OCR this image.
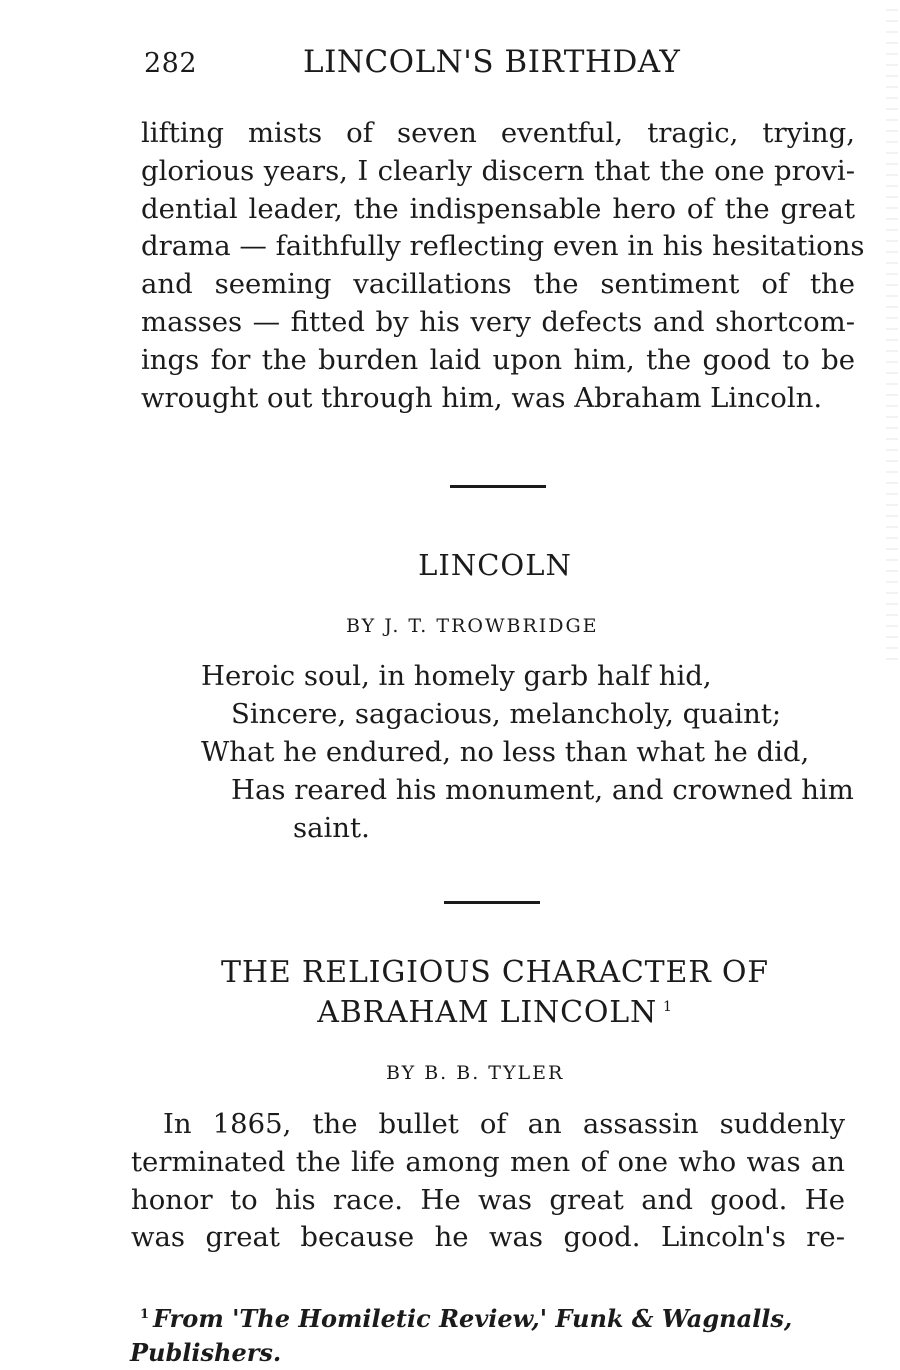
282	LINCOLN'S BIRTHDAY
lifting mists of seven eventful, tragic, trying,
glorious years, I clearly discern that the one provi-
dential leader, the indispensable hero of the great
drama — faithfully reflecting even in his hesitations
and seeming vacillations the sentiment of the
masses — fitted by his very defects and shortcom-
ings for the burden laid upon him, the good to be
wrought out through him, was Abraham Lincoln.
LINCOLN
BY J. T. TROWBRIDGE
Heroic soul, in homely garb half hid,
Sincere, sagacious, melancholy, quaint;
What he endured, no less than what he did,
Has reared his monument, and crowned him
saint.
THE RELIGIOUS CHARACTER OF
ABRAHAM LINCOLN $^1$
BY B. B. TYLER
In 1865, the bullet of an assassin suddenly
terminated the life among men of one who was an
honor to his race. He was great and good. He
was great because he was good. Lincoln's re-
$^1$ From 'The Homiletic Review,' Funk & Wagnalls,
Publishers.
